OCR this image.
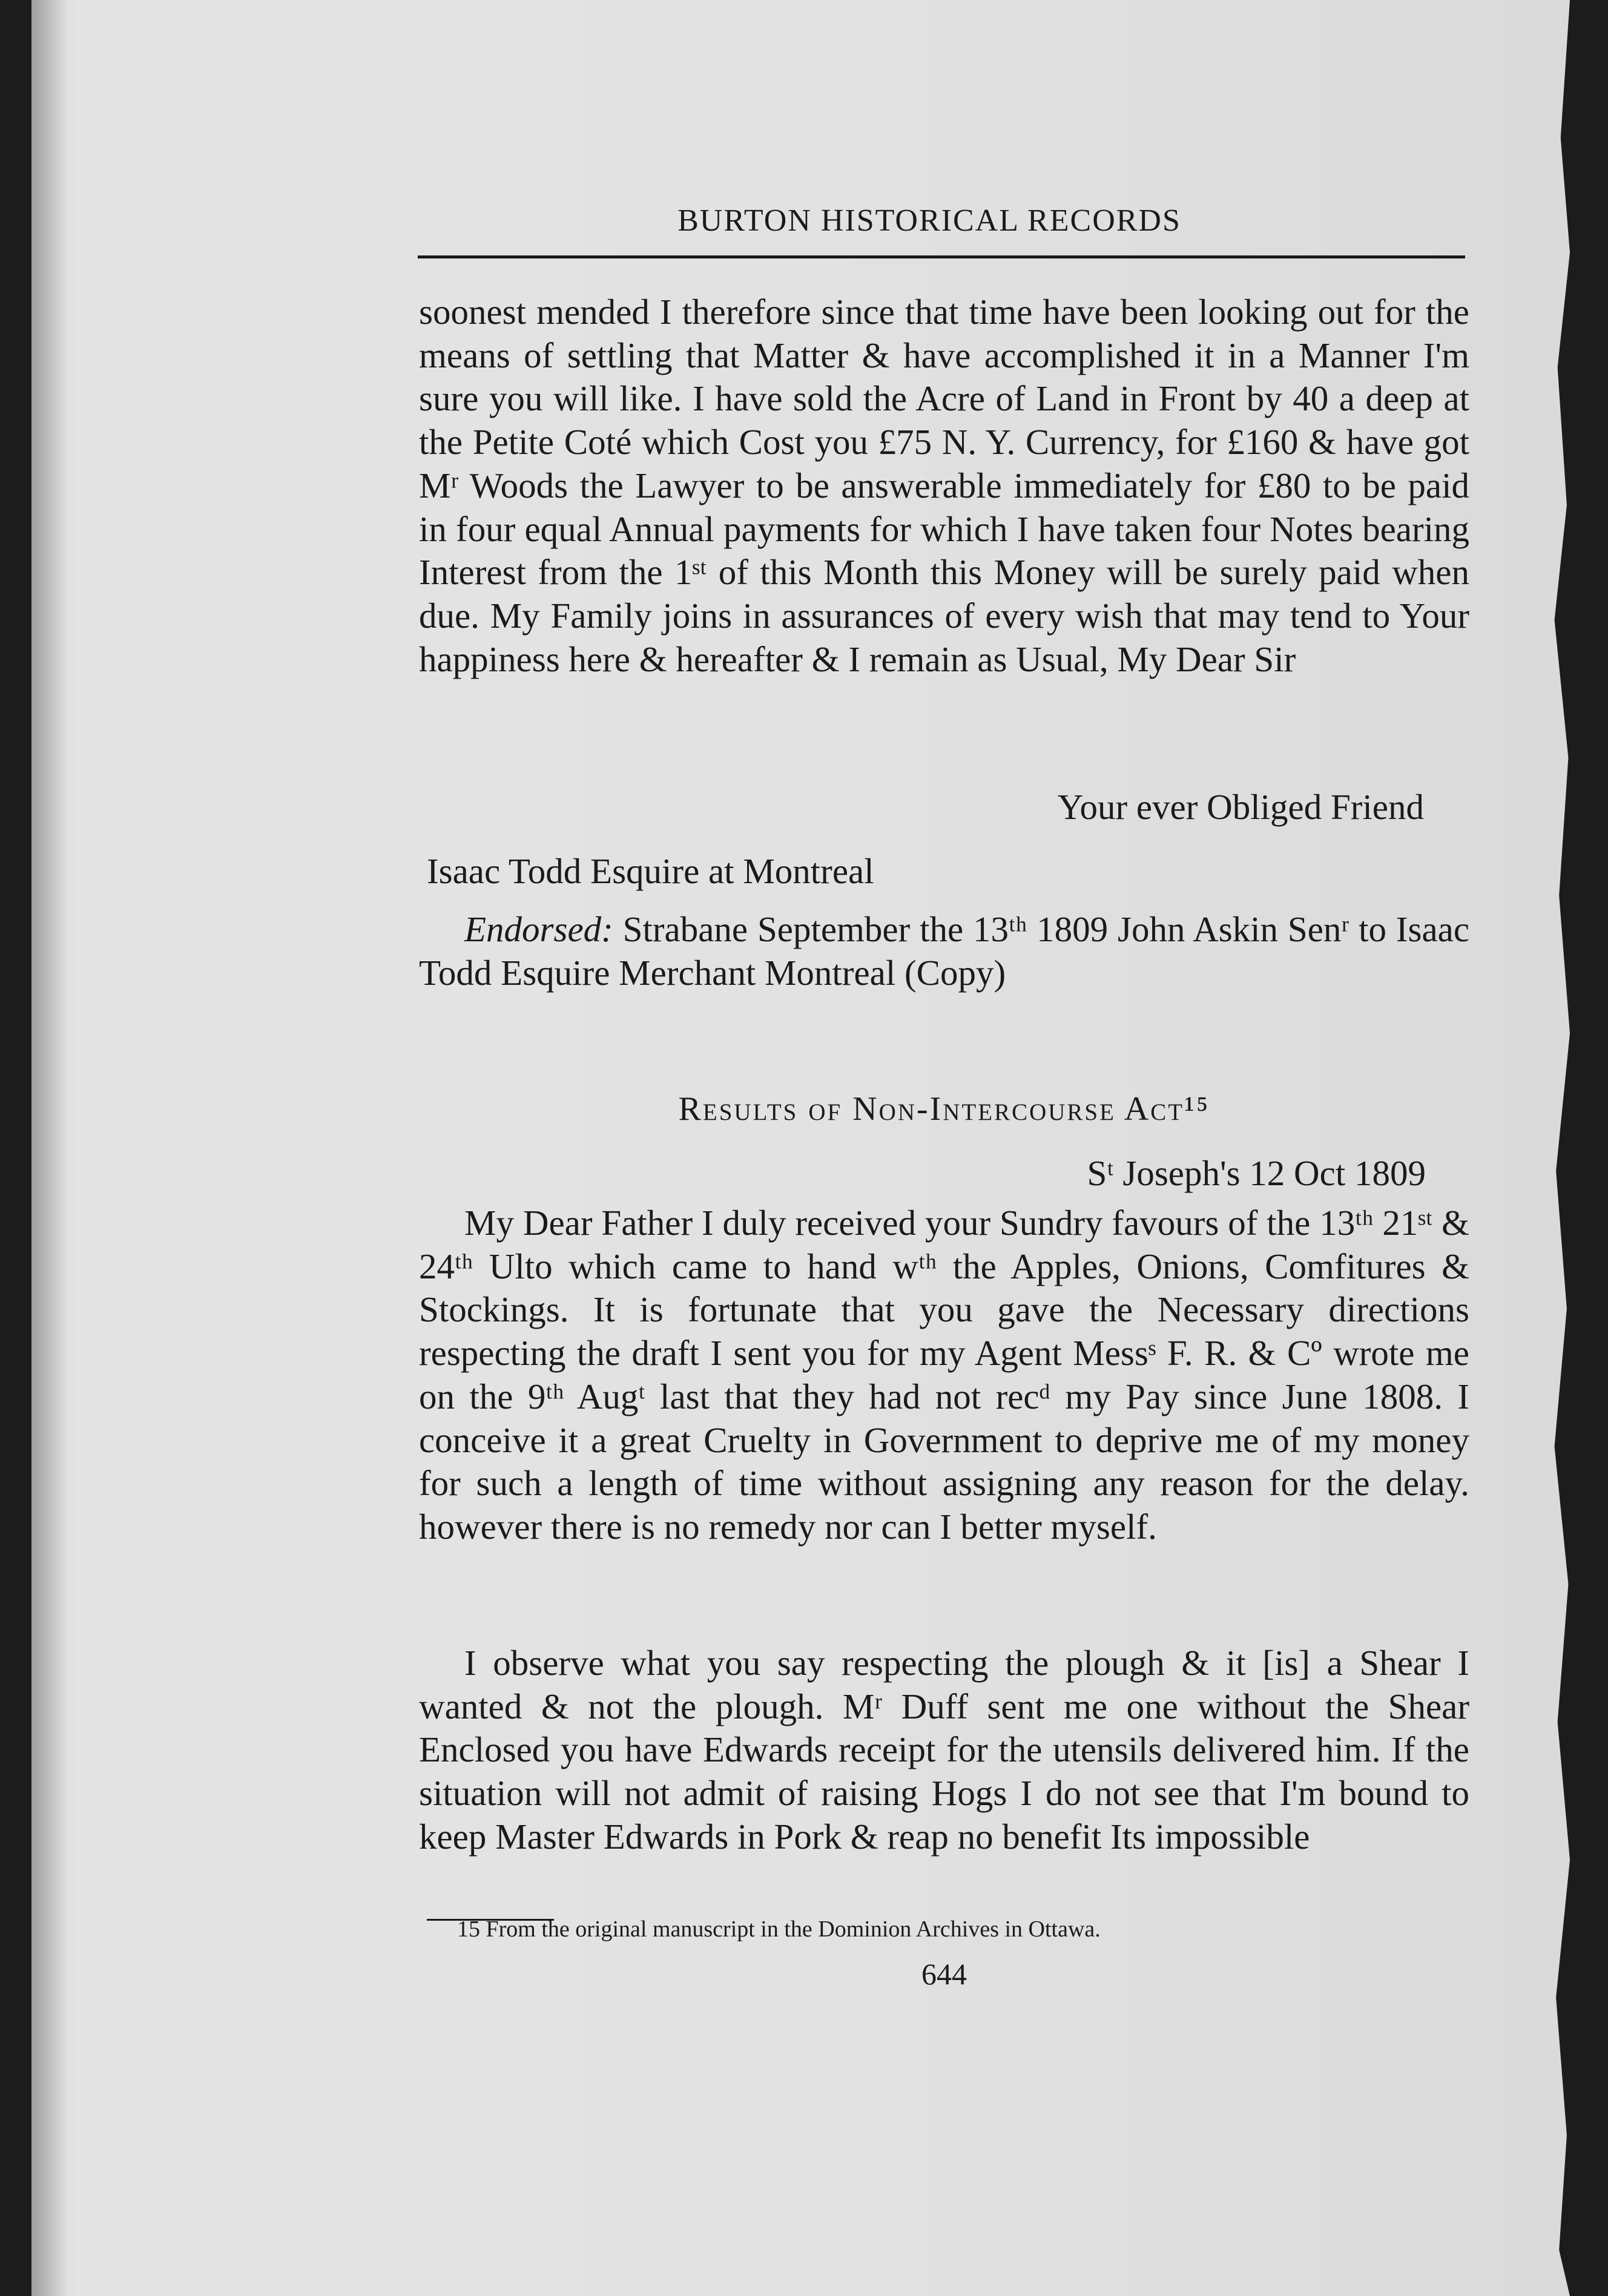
BURTON HISTORICAL RECORDS

soonest mended I therefore since that time have been looking out for the means of settling that Matter & have accomplished it in a Manner I'm sure you will like. I have sold the Acre of Land in Front by 40 a deep at the Petite Coté which Cost you £75 N. Y. Currency, for £160 & have got Mʳ Woods the Lawyer to be answerable immediately for £80 to be paid in four equal Annual payments for which I have taken four Notes bearing Interest from the 1ˢᵗ of this Month this Money will be surely paid when due. My Family joins in assurances of every wish that may tend to Your happiness here & hereafter & I remain as Usual, My Dear Sir

Your ever Obliged Friend

Isaac Todd Esquire at Montreal

Endorsed: Strabane September the 13ᵗʰ 1809 John Askin Senʳ to Isaac Todd Esquire Merchant Montreal (Copy)

Results of Non-Intercourse Act¹⁵

Sᵗ Joseph's 12 Oct 1809

My Dear Father I duly received your Sundry favours of the 13ᵗʰ 21ˢᵗ & 24ᵗʰ Ulto which came to hand wᵗʰ the Apples, Onions, Comfitures & Stockings. It is fortunate that you gave the Necessary directions respecting the draft I sent you for my Agent Messˢ F. R. & Cº wrote me on the 9ᵗʰ Augᵗ last that they had not recᵈ my Pay since June 1808. I conceive it a great Cruelty in Government to deprive me of my money for such a length of time without assigning any reason for the delay. however there is no remedy nor can I better myself.

I observe what you say respecting the plough & it [is] a Shear I wanted & not the plough. Mʳ Duff sent me one without the Shear Enclosed you have Edwards receipt for the utensils delivered him. If the situation will not admit of raising Hogs I do not see that I'm bound to keep Master Edwards in Pork & reap no benefit Its impossible

15 From the original manuscript in the Dominion Archives in Ottawa.

644
